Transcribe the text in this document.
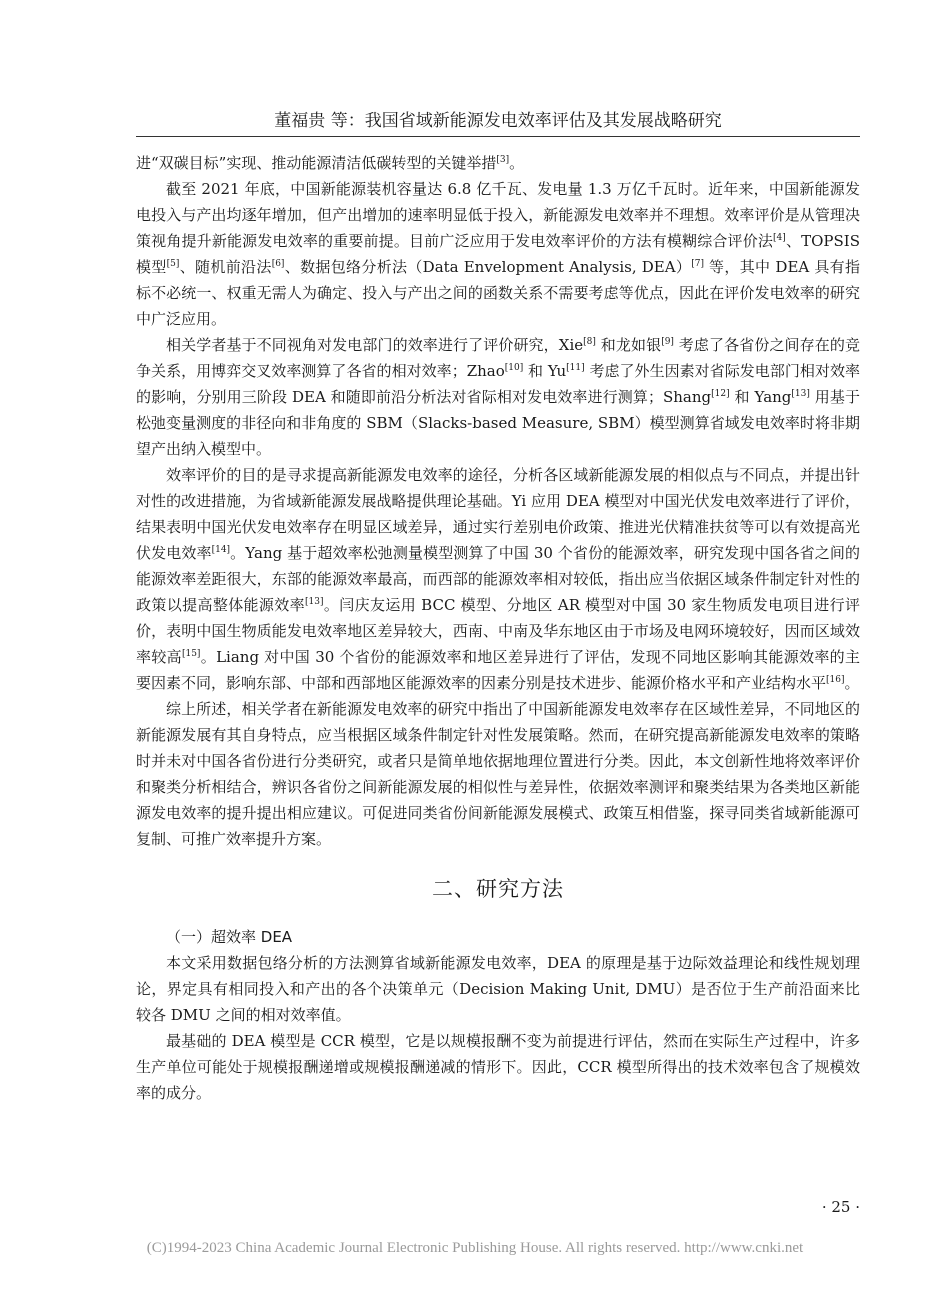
董福贵 等：我国省域新能源发电效率评估及其发展战略研究

进“双碳目标”实现、推动能源清洁低碳转型的关键举措[3]。

截至 2021 年底，中国新能源装机容量达 6.8 亿千瓦、发电量 1.3 万亿千瓦时。近年来，中国新能源发电投入与产出均逐年增加，但产出增加的速率明显低于投入，新能源发电效率并不理想。效率评价是从管理决策视角提升新能源发电效率的重要前提。目前广泛应用于发电效率评价的方法有模糊综合评价法[4]、TOPSIS 模型[5]、随机前沿法[6]、数据包络分析法（Data Envelopment Analysis, DEA）[7] 等，其中 DEA 具有指标不必统一、权重无需人为确定、投入与产出之间的函数关系不需要考虑等优点，因此在评价发电效率的研究中广泛应用。

相关学者基于不同视角对发电部门的效率进行了评价研究，Xie[8] 和龙如银[9] 考虑了各省份之间存在的竞争关系，用博弈交叉效率测算了各省的相对效率；Zhao[10] 和 Yu[11] 考虑了外生因素对省际发电部门相对效率的影响，分别用三阶段 DEA 和随即前沿分析法对省际相对发电效率进行测算；Shang[12] 和 Yang[13] 用基于松弛变量测度的非径向和非角度的 SBM（Slacks-based Measure, SBM）模型测算省域发电效率时将非期望产出纳入模型中。

效率评价的目的是寻求提高新能源发电效率的途径，分析各区域新能源发展的相似点与不同点，并提出针对性的改进措施，为省域新能源发展战略提供理论基础。Yi 应用 DEA 模型对中国光伏发电效率进行了评价，结果表明中国光伏发电效率存在明显区域差异，通过实行差别电价政策、推进光伏精准扶贫等可以有效提高光伏发电效率[14]。Yang 基于超效率松弛测量模型测算了中国 30 个省份的能源效率，研究发现中国各省之间的能源效率差距很大，东部的能源效率最高，而西部的能源效率相对较低，指出应当依据区域条件制定针对性的政策以提高整体能源效率[13]。闫庆友运用 BCC 模型、分地区 AR 模型对中国 30 家生物质发电项目进行评价，表明中国生物质能发电效率地区差异较大，西南、中南及华东地区由于市场及电网环境较好，因而区域效率较高[15]。Liang 对中国 30 个省份的能源效率和地区差异进行了评估，发现不同地区影响其能源效率的主要因素不同，影响东部、中部和西部地区能源效率的因素分别是技术进步、能源价格水平和产业结构水平[16]。

综上所述，相关学者在新能源发电效率的研究中指出了中国新能源发电效率存在区域性差异，不同地区的新能源发展有其自身特点，应当根据区域条件制定针对性发展策略。然而，在研究提高新能源发电效率的策略时并未对中国各省份进行分类研究，或者只是简单地依据地理位置进行分类。因此，本文创新性地将效率评价和聚类分析相结合，辨识各省份之间新能源发展的相似性与差异性，依据效率测评和聚类结果为各类地区新能源发电效率的提升提出相应建议。可促进同类省份间新能源发展模式、政策互相借鉴，探寻同类省域新能源可复制、可推广效率提升方案。

二、研究方法
（一）超效率 DEA

本文采用数据包络分析的方法测算省域新能源发电效率，DEA 的原理是基于边际效益理论和线性规划理论，界定具有相同投入和产出的各个决策单元（Decision Making Unit, DMU）是否位于生产前沿面来比较各 DMU 之间的相对效率值。

最基础的 DEA 模型是 CCR 模型，它是以规模报酬不变为前提进行评估，然而在实际生产过程中，许多生产单位可能处于规模报酬递增或规模报酬递减的情形下。因此，CCR 模型所得出的技术效率包含了规模效率的成分。

· 25 ·
(C)1994-2023 China Academic Journal Electronic Publishing House. All rights reserved. http://www.cnki.net
